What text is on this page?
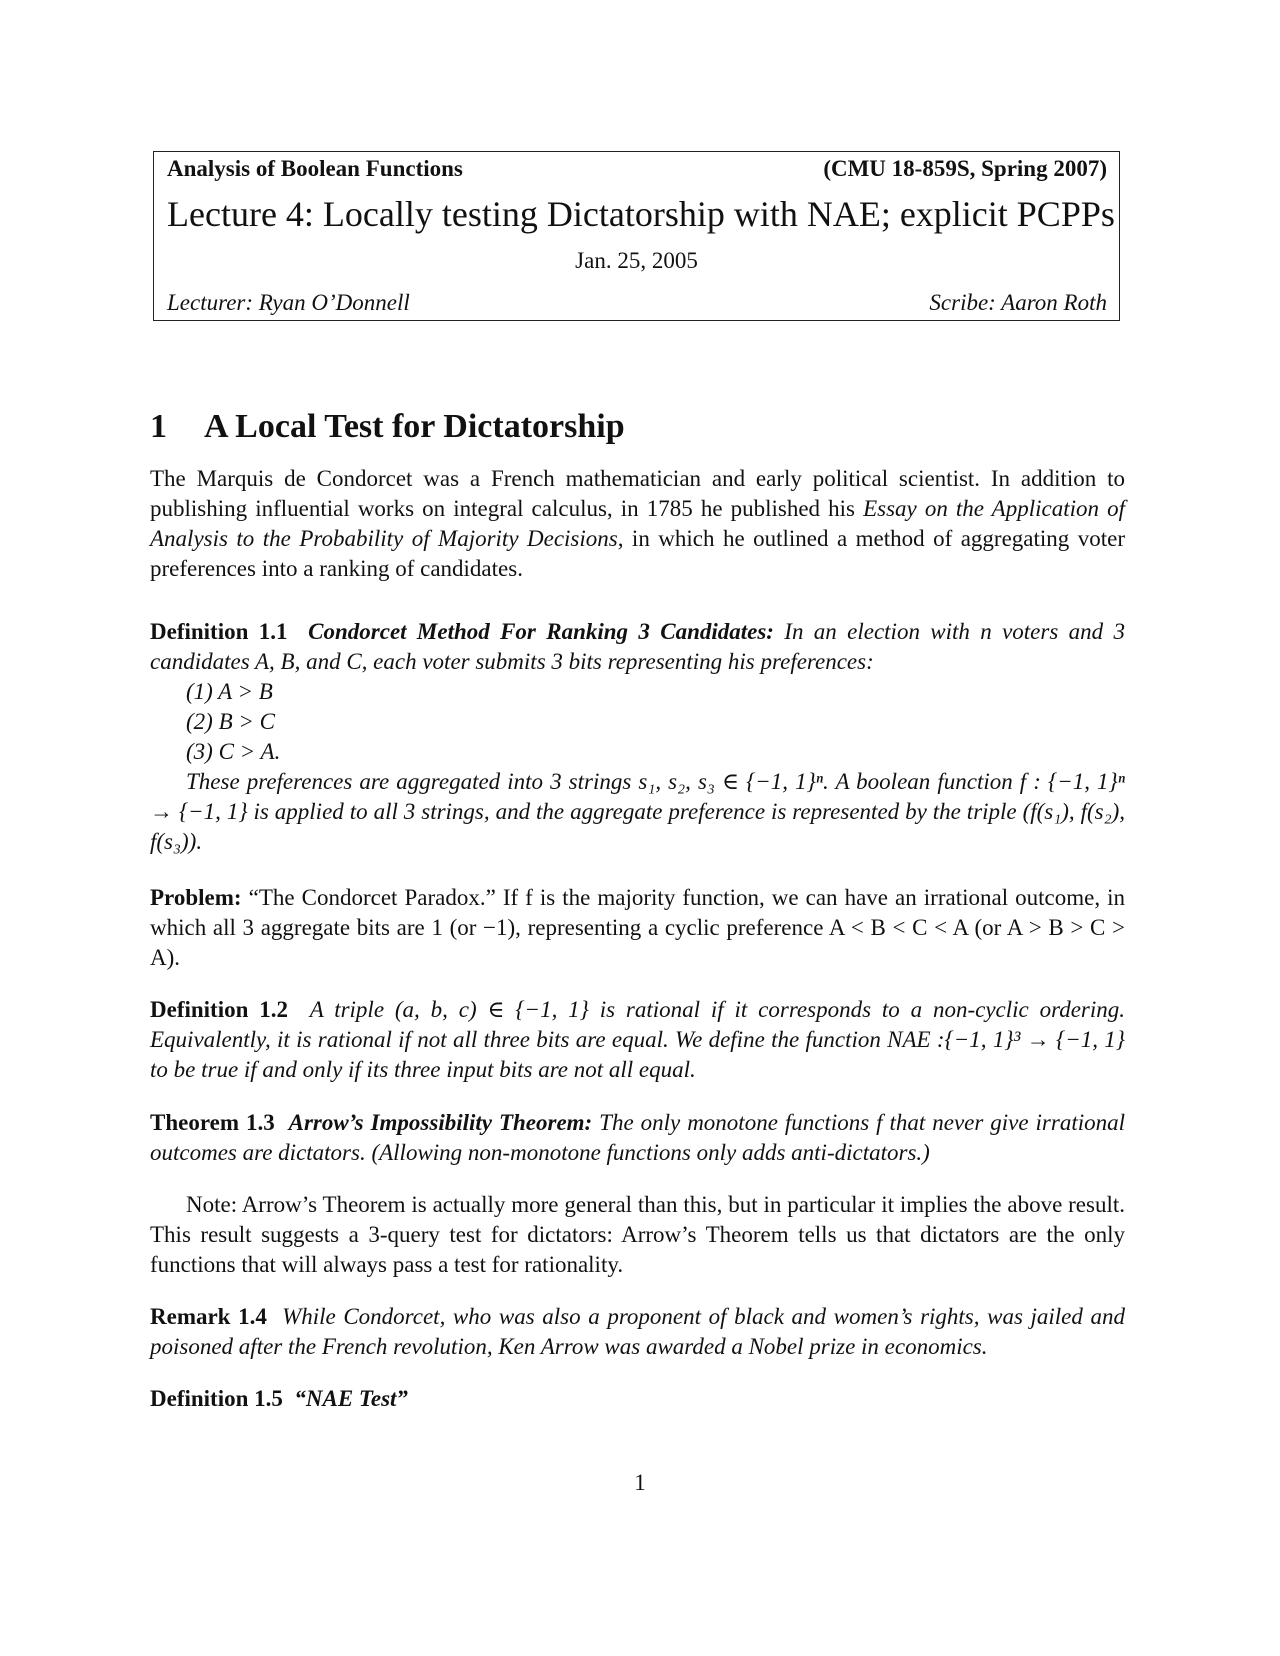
Analysis of Boolean Functions	(CMU 18-859S, Spring 2007)
Lecture 4: Locally testing Dictatorship with NAE; explicit PCPPs
Jan. 25, 2005
Lecturer: Ryan O’Donnell	Scribe: Aaron Roth
1 A Local Test for Dictatorship
The Marquis de Condorcet was a French mathematician and early political scientist. In addition to publishing influential works on integral calculus, in 1785 he published his Essay on the Application of Analysis to the Probability of Majority Decisions, in which he outlined a method of aggregating voter preferences into a ranking of candidates.
Definition 1.1 Condorcet Method For Ranking 3 Candidates: In an election with n voters and 3 candidates A, B, and C, each voter submits 3 bits representing his preferences:
(1) A > B
(2) B > C
(3) C > A.
These preferences are aggregated into 3 strings s₁, s₂, s₃ ∈ {−1, 1}ⁿ. A boolean function f : {−1, 1}ⁿ → {−1, 1} is applied to all 3 strings, and the aggregate preference is represented by the triple (f(s₁), f(s₂), f(s₃)).
Problem: “The Condorcet Paradox.” If f is the majority function, we can have an irrational outcome, in which all 3 aggregate bits are 1 (or −1), representing a cyclic preference A < B < C < A (or A > B > C > A).
Definition 1.2 A triple (a, b, c) ∈ {−1, 1} is rational if it corresponds to a non-cyclic ordering. Equivalently, it is rational if not all three bits are equal. We define the function NAE :{−1, 1}³ → {−1, 1} to be true if and only if its three input bits are not all equal.
Theorem 1.3 Arrow’s Impossibility Theorem: The only monotone functions f that never give irrational outcomes are dictators. (Allowing non-monotone functions only adds anti-dictators.)
Note: Arrow’s Theorem is actually more general than this, but in particular it implies the above result. This result suggests a 3-query test for dictators: Arrow’s Theorem tells us that dictators are the only functions that will always pass a test for rationality.
Remark 1.4 While Condorcet, who was also a proponent of black and women’s rights, was jailed and poisoned after the French revolution, Ken Arrow was awarded a Nobel prize in economics.
Definition 1.5 “NAE Test”
1
